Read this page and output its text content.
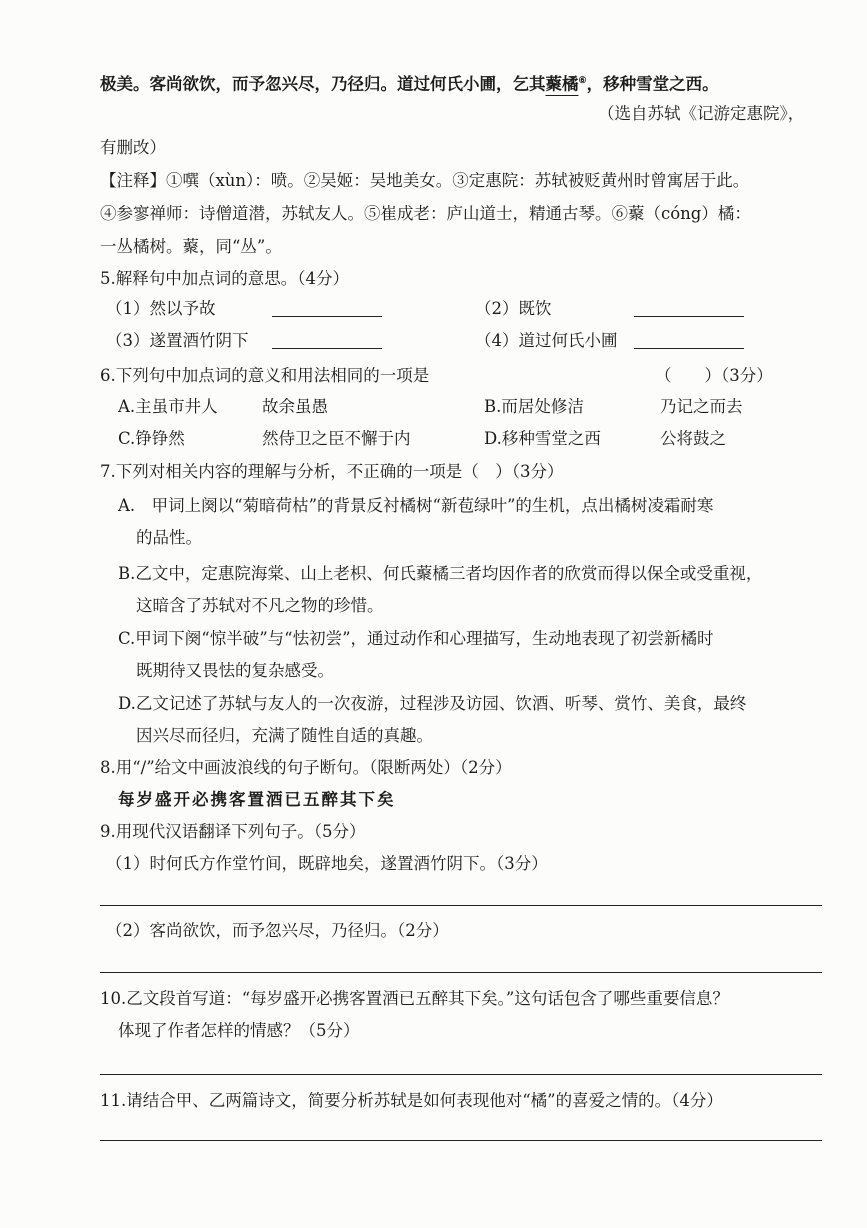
极美。客尚欲饮，而予忽兴尽，乃径归。道过何氏小圃，乞其藂橘⑥，移种雪堂之西。
（选自苏轼《记游定惠院》，
有删改）
【注释】①噀（xùn）：喷。②吴姬：吴地美女。③定惠院：苏轼被贬黄州时曾寓居于此。
④参寥禅师：诗僧道潜，苏轼友人。⑤崔成老：庐山道士，精通古琴。⑥藂（cóng）橘：
一丛橘树。藂，同“丛”。
5.解释句中加点词的意思。（4分）
（1）然以予故	（2）既饮
（3）遂置酒竹阴下	（4）道过何氏小圃
6.下列句中加点词的意义和用法相同的一项是	（　　）（3分）
A.主虽市井人	故余虽愚	B.而居处修洁	乃记之而去
C.铮铮然	然侍卫之臣不懈于内	D.移种雪堂之西	公将鼓之
7.下列对相关内容的理解与分析，不正确的一项是（　）（3分）
A.　甲词上阕以“菊暗荷枯”的背景反衬橘树“新苞绿叶”的生机，点出橘树凌霜耐寒
的品性。
B.乙文中，定惠院海棠、山上老枳、何氏藂橘三者均因作者的欣赏而得以保全或受重视，
这暗含了苏轼对不凡之物的珍惜。
C.甲词下阕“惊半破”与“怯初尝”，通过动作和心理描写，生动地表现了初尝新橘时
既期待又畏怯的复杂感受。
D.乙文记述了苏轼与友人的一次夜游，过程涉及访园、饮酒、听琴、赏竹、美食，最终
因兴尽而径归，充满了随性自适的真趣。
8.用“/”给文中画波浪线的句子断句。（限断两处）（2分）
每岁盛开必携客置酒已五醉其下矣
9.用现代汉语翻译下列句子。（5分）
（1）时何氏方作堂竹间，既辟地矣，遂置酒竹阴下。（3分）
（2）客尚欲饮，而予忽兴尽，乃径归。（2分）
10.乙文段首写道：“每岁盛开必携客置酒已五醉其下矣。”这句话包含了哪些重要信息？
体现了作者怎样的情感？（5分）
11.请结合甲、乙两篇诗文，简要分析苏轼是如何表现他对“橘”的喜爱之情的。（4分）
